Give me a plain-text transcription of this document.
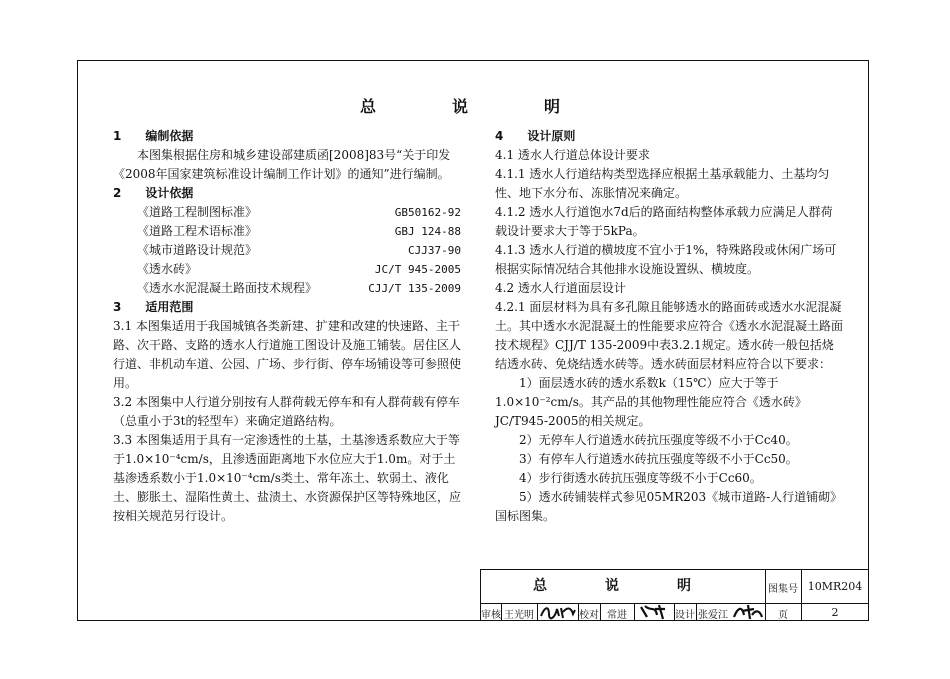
总　说　明

1　　编制依据

本图集根据住房和城乡建设部建质函[2008]83号“关于印发《2008年国家建筑标准设计编制工作计划》的通知”进行编制。

2　　设计依据

《道路工程制图标准》	GB50162-92

《道路工程术语标准》	GBJ 124-88

《城市道路设计规范》	CJJ37-90

《透水砖》	JC/T 945-2005

《透水水泥混凝土路面技术规程》	CJJ/T 135-2009

3　　适用范围

3.1 本图集适用于我国城镇各类新建、扩建和改建的快速路、主干路、次干路、支路的透水人行道施工图设计及施工铺装。居住区人行道、非机动车道、公园、广场、步行街、停车场铺设等可参照使用。

3.2 本图集中人行道分别按有人群荷载无停车和有人群荷载有停车（总重小于3t的轻型车）来确定道路结构。

3.3 本图集适用于具有一定渗透性的土基，土基渗透系数应大于等于1.0×10⁻⁴cm/s，且渗透面距离地下水位应大于1.0m。对于土基渗透系数小于1.0×10⁻⁴cm/s类土、常年冻土、软弱土、液化土、膨胀土、湿陷性黄土、盐渍土、水资源保护区等特殊地区，应按相关规范另行设计。

4　　设计原则

4.1 透水人行道总体设计要求

4.1.1 透水人行道结构类型选择应根据土基承载能力、土基均匀性、地下水分布、冻胀情况来确定。

4.1.2 透水人行道饱水7d后的路面结构整体承载力应满足人群荷载设计要求大于等于5kPa。

4.1.3 透水人行道的横坡度不宜小于1%，特殊路段或休闲广场可根据实际情况结合其他排水设施设置纵、横坡度。

4.2 透水人行道面层设计

4.2.1 面层材料为具有多孔隙且能够透水的路面砖或透水水泥混凝土。其中透水水泥混凝土的性能要求应符合《透水水泥混凝土路面技术规程》CJJ/T 135-2009中表3.2.1规定。透水砖一般包括烧结透水砖、免烧结透水砖等。透水砖面层材料应符合以下要求：

1）面层透水砖的透水系数k（15℃）应大于等于1.0×10⁻²cm/s。其产品的其他物理性能应符合《透水砖》JC/T945-2005的相关规定。

2）无停车人行道透水砖抗压强度等级不小于Cc40。

3）有停车人行道透水砖抗压强度等级不小于Cc50。

4）步行街透水砖抗压强度等级不小于Cc60。

5）透水砖铺装样式参见05MR203《城市道路-人行道铺砌》国标图集。

总　说　明	图集号 10MR204
审核 王光明	校对 常进	设计 张爱江	页	2
